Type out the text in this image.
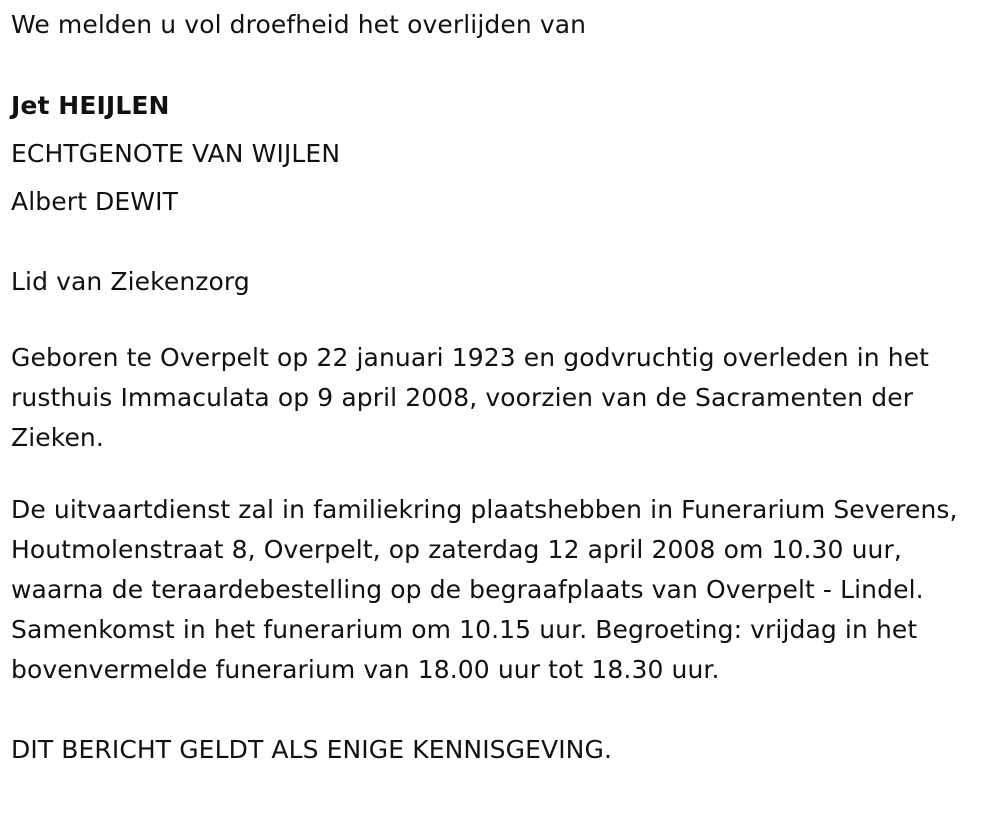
We melden u vol droefheid het overlijden van

Jet HEIJLEN

ECHTGENOTE VAN WIJLEN

Albert DEWIT

Lid van Ziekenzorg

Geboren te Overpelt op 22 januari 1923 en godvruchtig overleden in het rusthuis Immaculata op 9 april 2008, voorzien van de Sacramenten der Zieken.

De uitvaartdienst zal in familiekring plaatshebben in Funerarium Severens, Houtmolenstraat 8, Overpelt, op zaterdag 12 april 2008 om 10.30 uur, waarna de teraardebestelling op de begraafplaats van Overpelt - Lindel. Samenkomst in het funerarium om 10.15 uur. Begroeting: vrijdag in het bovenvermelde funerarium van 18.00 uur tot 18.30 uur.

DIT BERICHT GELDT ALS ENIGE KENNISGEVING.
